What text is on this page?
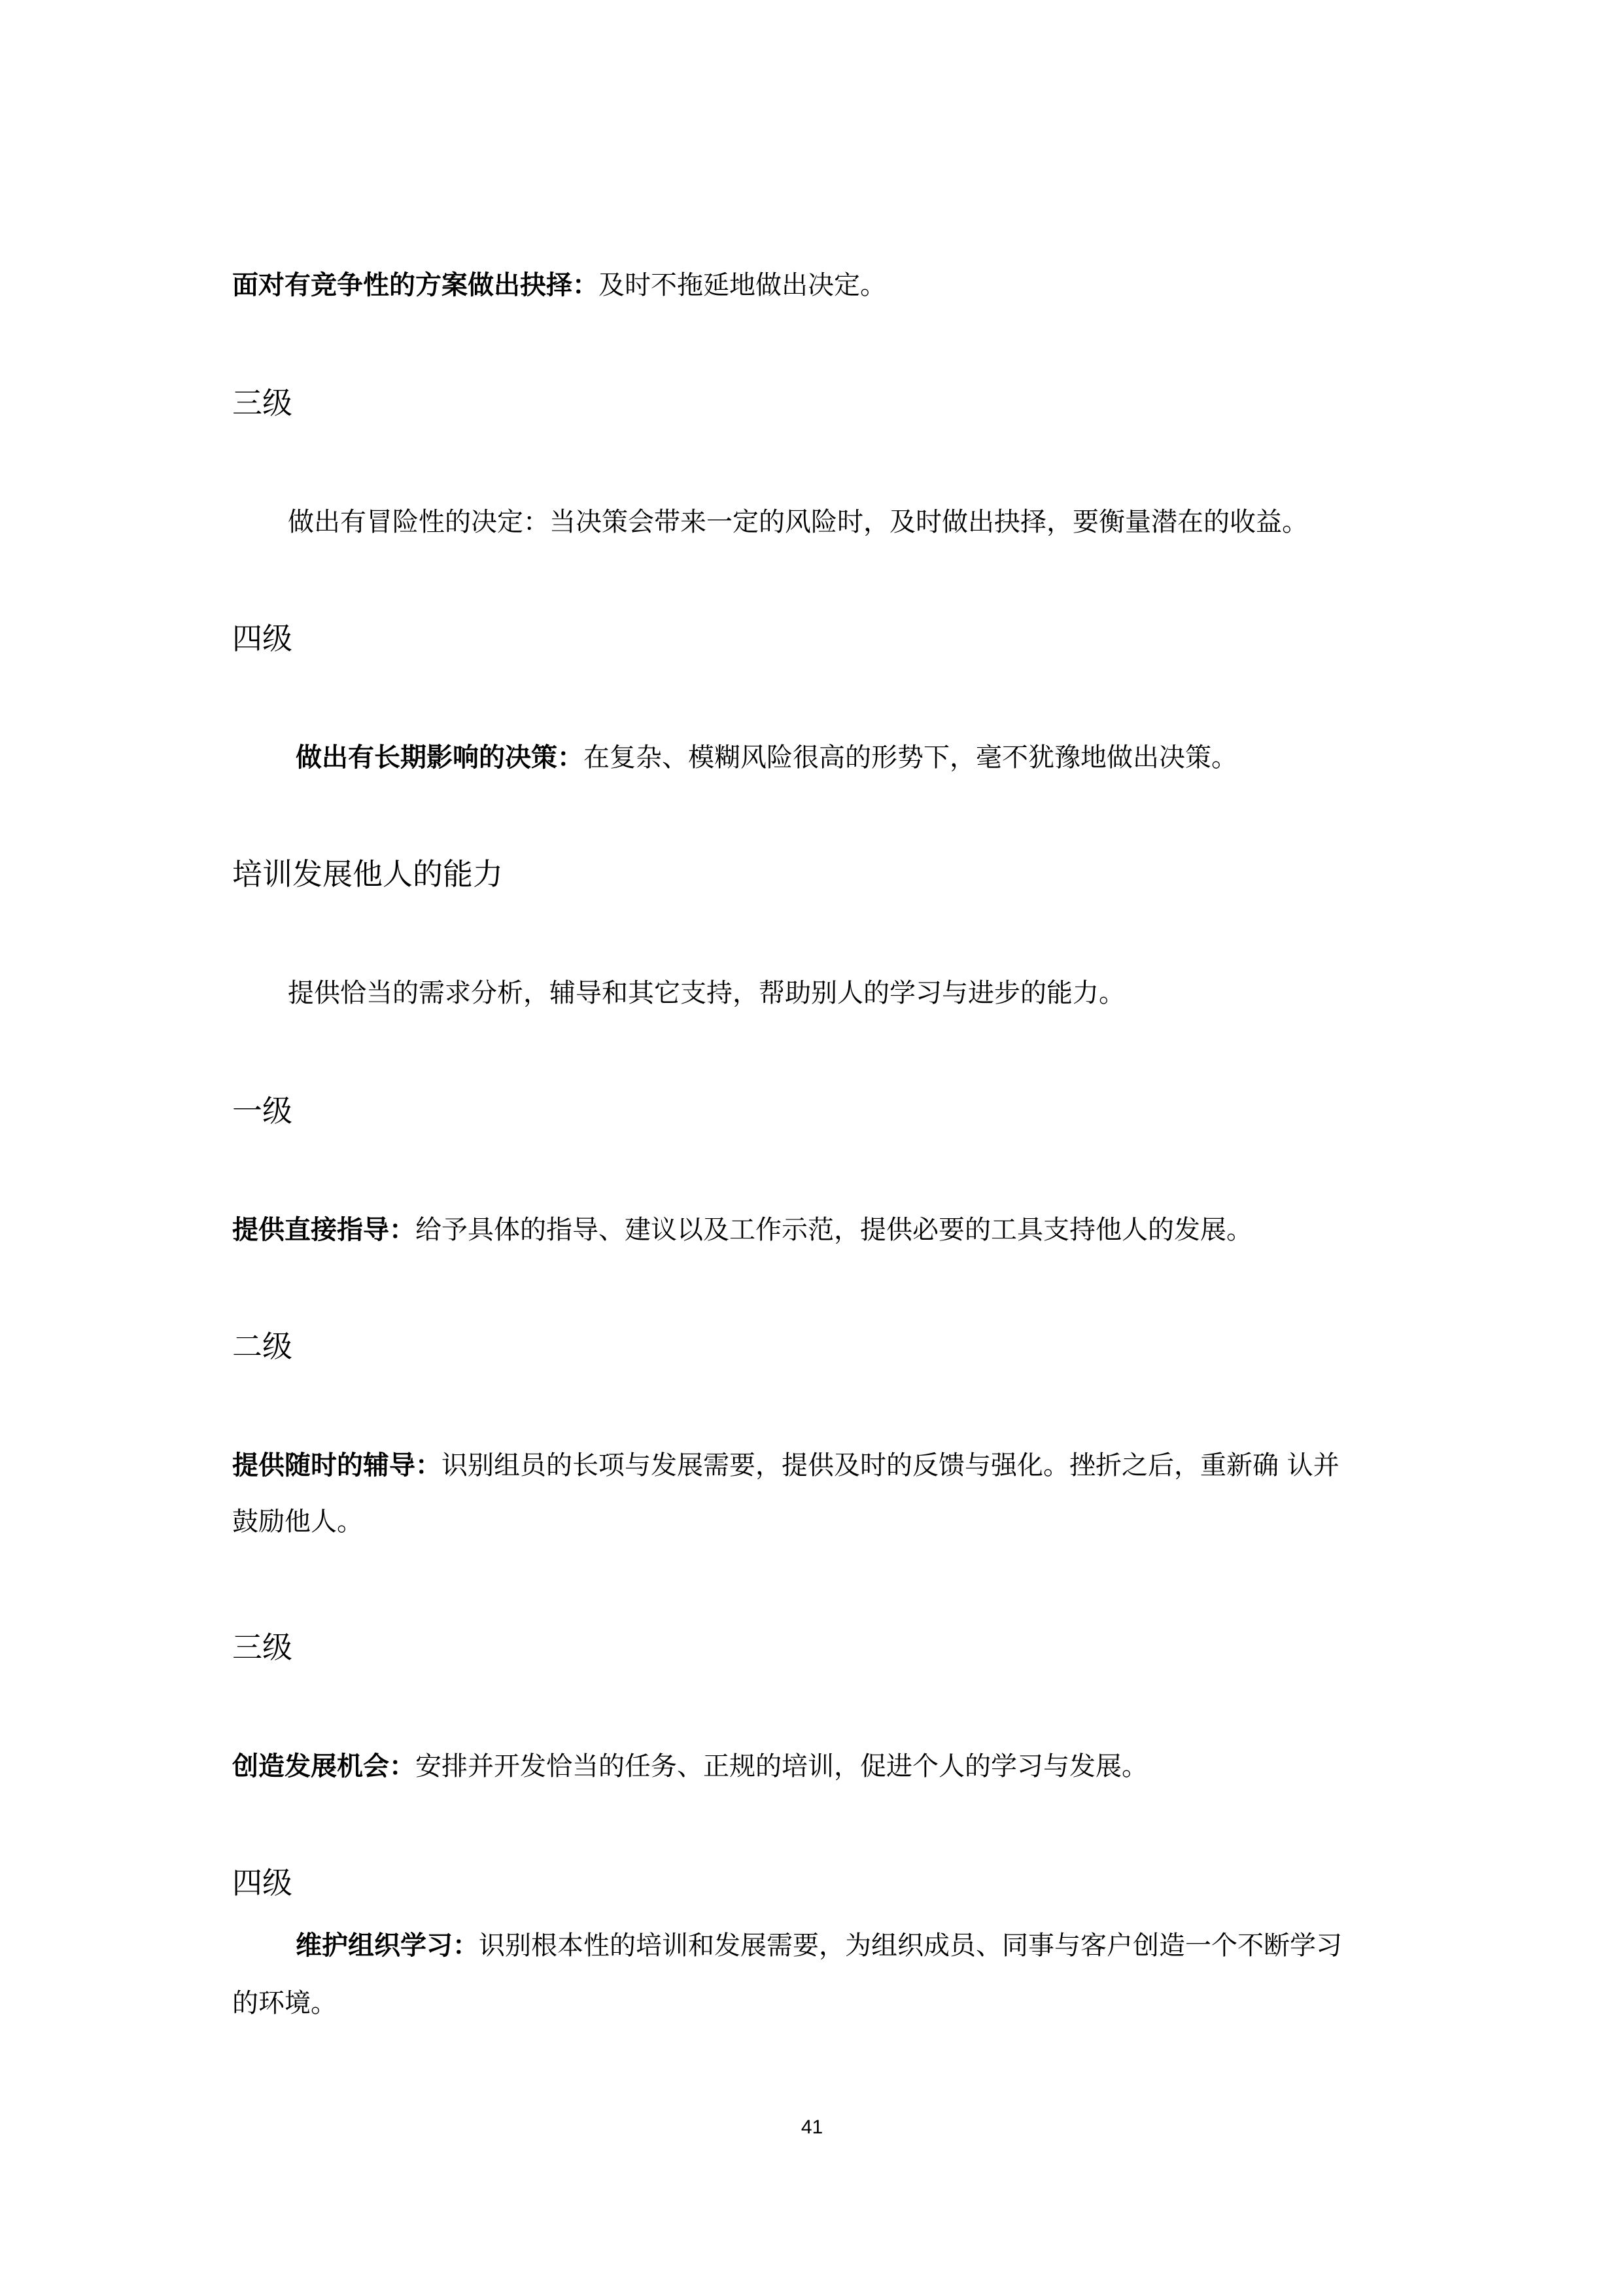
面对有竞争性的方案做出抉择：及时不拖延地做出决定。
三级
做出有冒险性的决定：当决策会带来一定的风险时，及时做出抉择，要衡量潜在的收益。
四级
做出有长期影响的决策：在复杂、模糊风险很高的形势下，毫不犹豫地做出决策。
培训发展他人的能力
提供恰当的需求分析，辅导和其它支持，帮助别人的学习与进步的能力。
一级
提供直接指导：给予具体的指导、建议以及工作示范，提供必要的工具支持他人的发展。
二级
提供随时的辅导：识别组员的长项与发展需要，提供及时的反馈与强化。挫折之后，重新确 认并
鼓励他人。
三级
创造发展机会：安排并开发恰当的任务、正规的培训，促进个人的学习与发展。
四级
维护组织学习：识别根本性的培训和发展需要，为组织成员、同事与客户创造一个不断学习
的环境。
41
